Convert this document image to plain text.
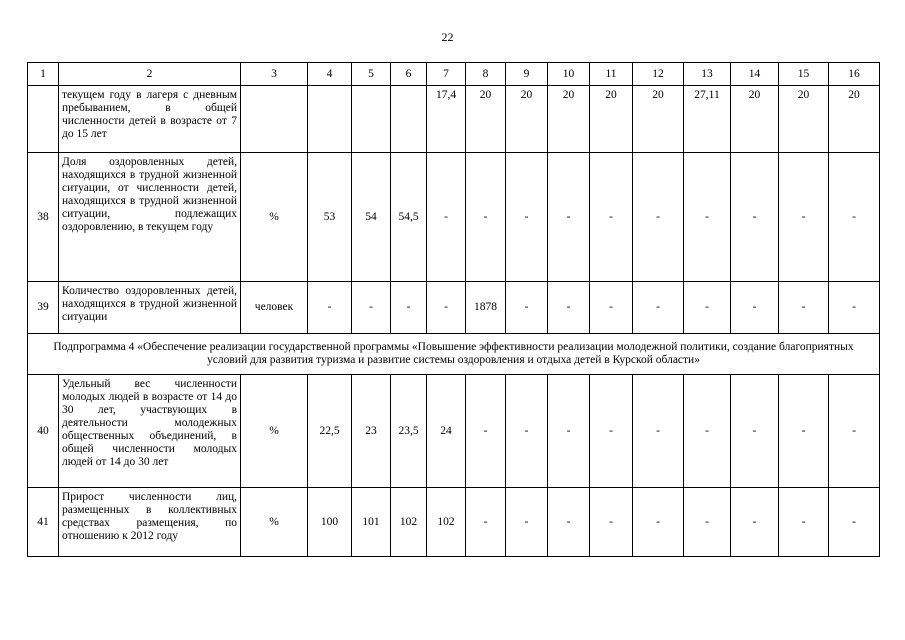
22
1	2	3	4	5	6	7	8	9	10	11	12	13	14	15	16
	текущем году в лагеря с дневным пребыванием, в общей численности детей в возрасте от 7 до 15 лет					17,4	20	20	20	20	20	27,11	20	20	20
38	Доля оздоровленных детей, находящихся в трудной жизненной ситуации, от численности детей, находящихся в трудной жизненной ситуации, подлежащих оздоровлению, в текущем году	%	53	54	54,5	-	-	-	-	-	-	-	-	-	-
39	Количество оздоровленных детей, находящихся в трудной жизненной ситуации	человек	-	-	-	-	1878	-	-	-	-	-	-	-	-
Подпрограмма 4 «Обеспечение реализации государственной программы «Повышение эффективности реализации молодежной политики, создание благоприятных условий для развития туризма и развитие системы оздоровления и отдыха детей в Курской области»															
40	Удельный вес численности молодых людей в возрасте от 14 до 30 лет, участвующих в деятельности молодежных общественных объединений, в общей численности молодых людей от 14 до 30 лет	%	22,5	23	23,5	24	-	-	-	-	-	-	-	-	-
41	Прирост численности лиц, размещенных в коллективных средствах размещения, по отношению к 2012 году	%	100	101	102	102	-	-	-	-	-	-	-	-	-
